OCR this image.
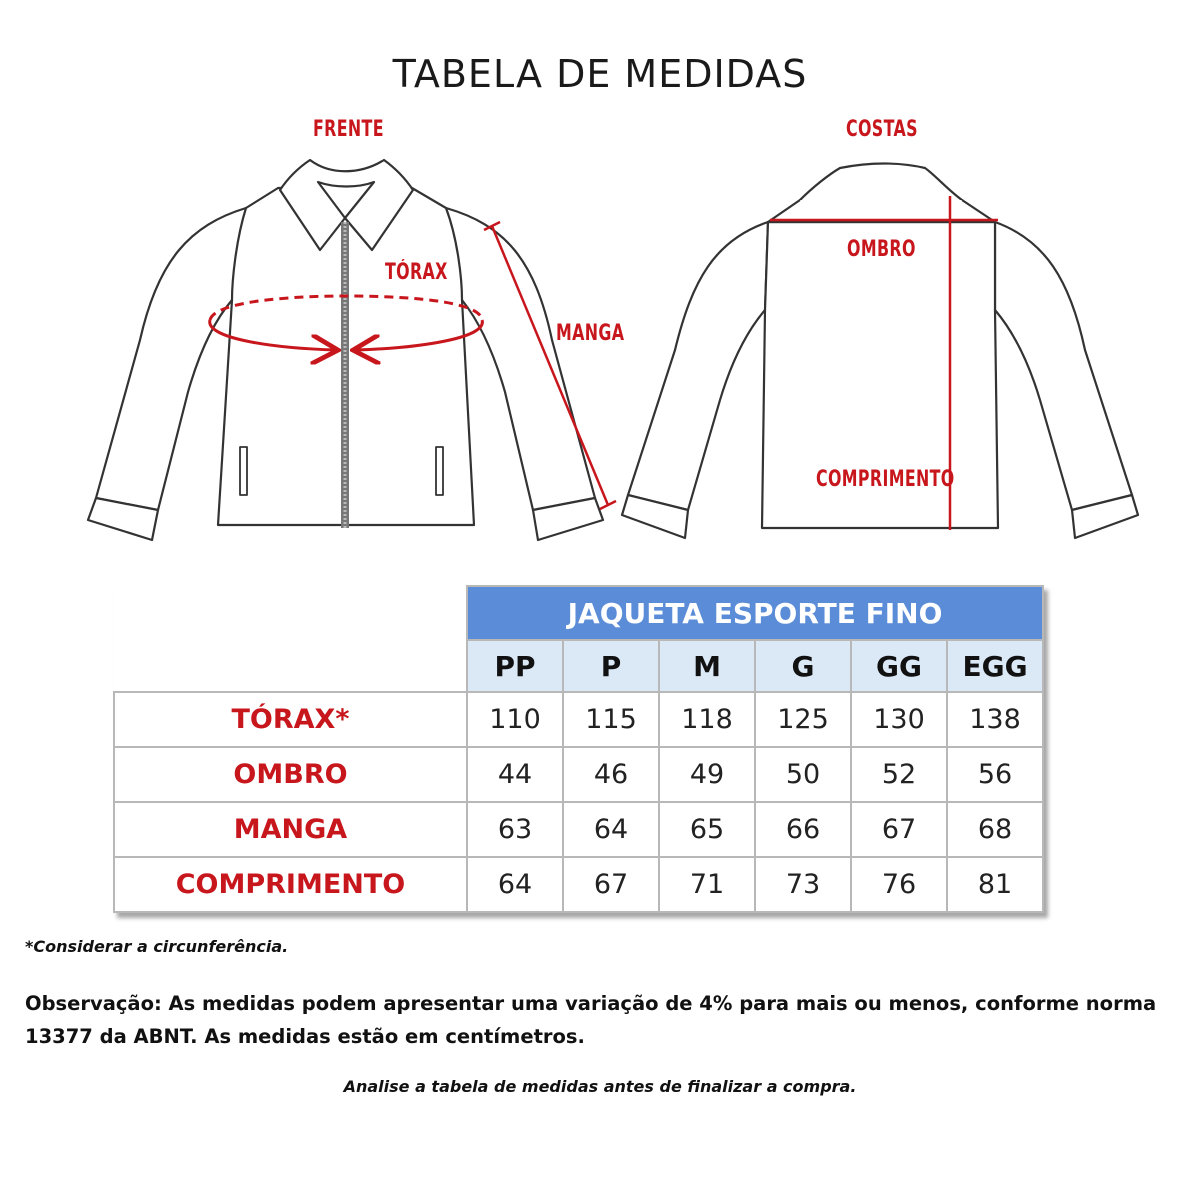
TABELA DE MEDIDAS
FRENTE	COSTAS
TÓRAX
MANGA
OMBRO
COMPRIMENTO
	JAQUETA ESPORTE FINO					
	PP	P	M	G	GG	EGG
TÓRAX*	110	115	118	125	130	138
OMBRO	44	46	49	50	52	56
MANGA	63	64	65	66	67	68
COMPRIMENTO	64	67	71	73	76	81
*Considerar a circunferência.
Observação: As medidas podem apresentar uma variação de 4% para mais ou menos, conforme norma 13377 da ABNT. As medidas estão em centímetros.
Analise a tabela de medidas antes de finalizar a compra.
